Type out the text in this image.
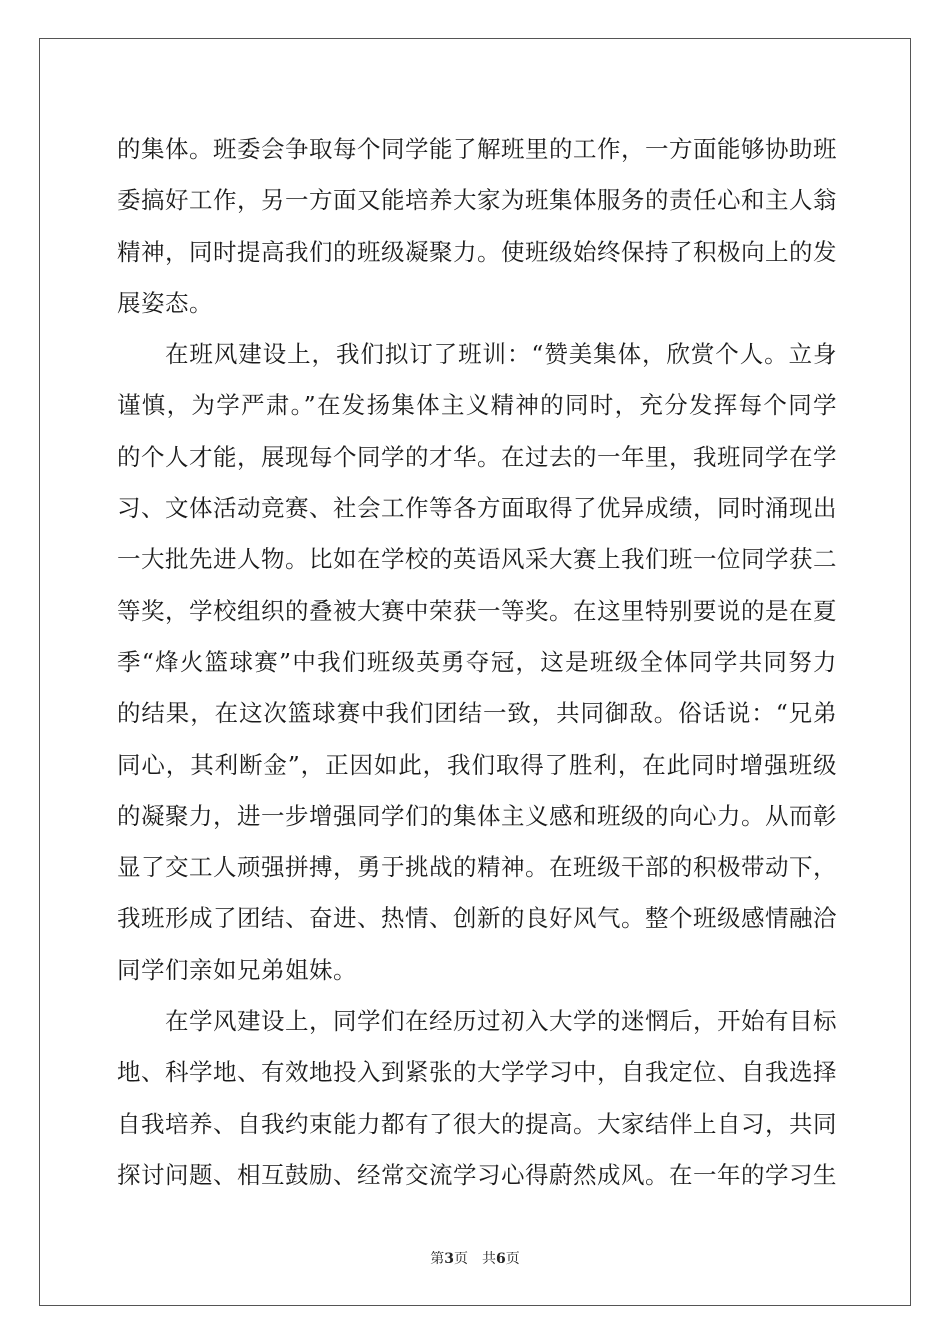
的集体。班委会争取每个同学能了解班里的工作，一方面能够协助班
委搞好工作，另一方面又能培养大家为班集体服务的责任心和主人翁
精神，同时提高我们的班级凝聚力。使班级始终保持了积极向上的发
展姿态。
在班风建设上，我们拟订了班训：“赞美集体，欣赏个人。立身
谨慎，为学严肃。”在发扬集体主义精神的同时，充分发挥每个同学
的个人才能，展现每个同学的才华。在过去的一年里，我班同学在学
习、文体活动竞赛、社会工作等各方面取得了优异成绩，同时涌现出
一大批先进人物。比如在学校的英语风采大赛上我们班一位同学获二
等奖，学校组织的叠被大赛中荣获一等奖。在这里特别要说的是在夏
季“烽火篮球赛”中我们班级英勇夺冠，这是班级全体同学共同努力
的结果，在这次篮球赛中我们团结一致，共同御敌。俗话说：“兄弟
同心，其利断金”，正因如此，我们取得了胜利，在此同时增强班级
的凝聚力，进一步增强同学们的集体主义感和班级的向心力。从而彰
显了交工人顽强拼搏，勇于挑战的精神。在班级干部的积极带动下，
我班形成了团结、奋进、热情、创新的良好风气。整个班级感情融洽
同学们亲如兄弟姐妹。
在学风建设上，同学们在经历过初入大学的迷惘后，开始有目标
地、科学地、有效地投入到紧张的大学学习中，自我定位、自我选择
自我培养、自我约束能力都有了很大的提高。大家结伴上自习，共同
探讨问题、相互鼓励、经常交流学习心得蔚然成风。在一年的学习生
第3页 共6页
